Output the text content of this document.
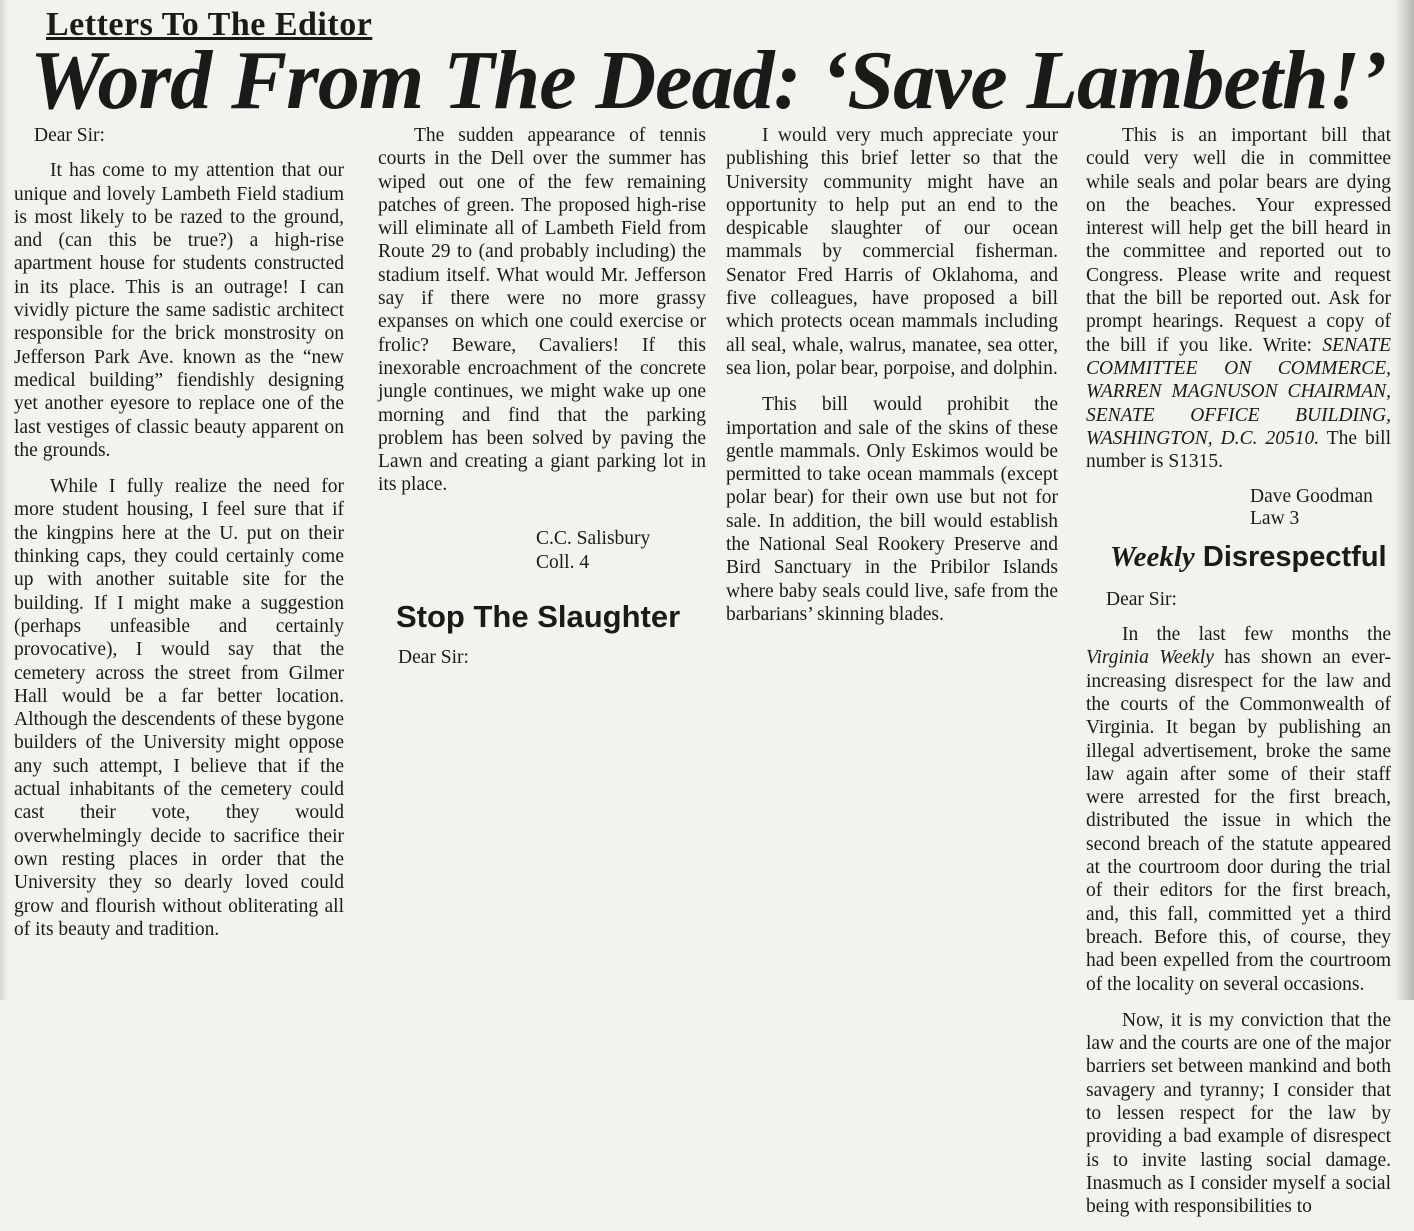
Letters To The Editor
Word From The Dead: ‘Save Lambeth!’

Dear Sir:

It has come to my attention that our unique and lovely Lambeth Field stadium is most likely to be razed to the ground, and (can this be true?) a high-rise apartment house for students constructed in its place. This is an outrage! I can vividly picture the same sadistic architect responsible for the brick monstrosity on Jefferson Park Ave. known as the “new medical building” fiendishly designing yet another eyesore to replace one of the last vestiges of classic beauty apparent on the grounds.

While I fully realize the need for more student housing, I feel sure that if the kingpins here at the U. put on their thinking caps, they could certainly come up with another suitable site for the building. If I might make a suggestion (perhaps unfeasible and certainly provocative), I would say that the cemetery across the street from Gilmer Hall would be a far better location. Although the descendents of these bygone builders of the University might oppose any such attempt, I believe that if the actual inhabitants of the cemetery could cast their vote, they would overwhelmingly decide to sacrifice their own resting places in order that the University they so dearly loved could grow and flourish without obliterating all of its beauty and tradition.

The sudden appearance of tennis courts in the Dell over the summer has wiped out one of the few remaining patches of green. The proposed high-rise will eliminate all of Lambeth Field from Route 29 to (and probably including) the stadium itself. What would Mr. Jefferson say if there were no more grassy expanses on which one could exercise or frolic? Beware, Cavaliers! If this inexorable encroachment of the concrete jungle continues, we might wake up one morning and find that the parking problem has been solved by paving the Lawn and creating a giant parking lot in its place.

C.C. Salisbury
Coll. 4
Stop The Slaughter

Dear Sir:

I would very much appreciate your publishing this brief letter so that the University community might have an opportunity to help put an end to the despicable slaughter of our ocean mammals by commercial fisherman. Senator Fred Harris of Oklahoma, and five colleagues, have proposed a bill which protects ocean mammals including all seal, whale, walrus, manatee, sea otter, sea lion, polar bear, porpoise, and dolphin.

This bill would prohibit the importation and sale of the skins of these gentle mammals. Only Eskimos would be permitted to take ocean mammals (except polar bear) for their own use but not for sale. In addition, the bill would establish the National Seal Rookery Preserve and Bird Sanctuary in the Pribilor Islands where baby seals could live, safe from the barbarians’ skinning blades.

This is an important bill that could very well die in committee while seals and polar bears are dying on the beaches. Your expressed interest will help get the bill heard in the committee and reported out to Congress. Please write and request that the bill be reported out. Ask for prompt hearings. Request a copy of the bill if you like. Write: SENATE COMMITTEE ON COMMERCE, WARREN MAGNUSON CHAIRMAN, SENATE OFFICE BUILDING, WASHINGTON, D.C. 20510. The bill number is S1315.

Dave Goodman
Law 3
Weekly Disrespectful

Dear Sir:

In the last few months the Virginia Weekly has shown an ever-increasing disrespect for the law and the courts of the Commonwealth of Virginia. It began by publishing an illegal advertisement, broke the same law again after some of their staff were arrested for the first breach, distributed the issue in which the second breach of the statute appeared at the courtroom door during the trial of their editors for the first breach, and, this fall, committed yet a third breach. Before this, of course, they had been expelled from the courtroom of the locality on several occasions.

Now, it is my conviction that the law and the courts are one of the major barriers set between mankind and both savagery and tyranny; I consider that to lessen respect for the law by providing a bad example of disrespect is to invite lasting social damage. Inasmuch as I consider myself a social being with responsibilities to
